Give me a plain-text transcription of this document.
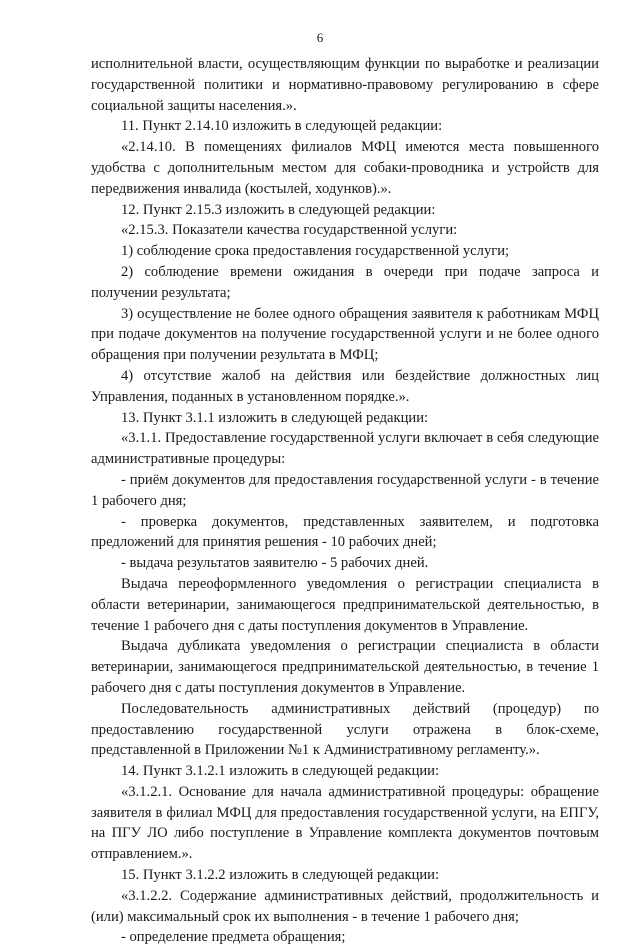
6

исполнительной власти, осуществляющим функции по выработке и реализации государственной политики и нормативно-правовому регулированию в сфере социальной защиты населения.».

11. Пункт 2.14.10 изложить в следующей редакции:

«2.14.10. В помещениях филиалов МФЦ имеются места повышенного удобства с дополнительным местом для собаки-проводника и устройств для передвижения инвалида (костылей, ходунков).».

12. Пункт 2.15.3 изложить в следующей редакции:

«2.15.3. Показатели качества государственной услуги:

1) соблюдение срока предоставления государственной услуги;

2) соблюдение времени ожидания в очереди при подаче запроса и получении результата;

3) осуществление не более одного обращения заявителя к работникам МФЦ при подаче документов на получение государственной услуги и не более одного обращения при получении результата в МФЦ;

4) отсутствие жалоб на действия или бездействие должностных лиц Управления, поданных в установленном порядке.».

13. Пункт 3.1.1 изложить в следующей редакции:

«3.1.1. Предоставление государственной услуги включает в себя следующие административные процедуры:

- приём документов для предоставления государственной услуги - в течение 1 рабочего дня;

- проверка документов, представленных заявителем, и подготовка предложений для принятия решения - 10 рабочих дней;

- выдача результатов заявителю - 5 рабочих дней.

Выдача переоформленного уведомления о регистрации специалиста в области ветеринарии, занимающегося предпринимательской деятельностью, в течение 1 рабочего дня с даты поступления документов в Управление.

Выдача дубликата уведомления о регистрации специалиста в области ветеринарии, занимающегося предпринимательской деятельностью, в течение 1 рабочего дня с даты поступления документов в Управление.

Последовательность административных действий (процедур) по предоставлению государственной услуги отражена в блок-схеме, представленной в Приложении №1 к Административному регламенту.».

14. Пункт 3.1.2.1 изложить в следующей редакции:

«3.1.2.1. Основание для начала административной процедуры: обращение заявителя в филиал МФЦ для предоставления государственной услуги, на ЕПГУ, на ПГУ ЛО либо поступление в Управление комплекта документов почтовым отправлением.».

15. Пункт 3.1.2.2 изложить в следующей редакции:

«3.1.2.2. Содержание административных действий, продолжительность и (или) максимальный срок их выполнения - в течение 1 рабочего дня;

- определение предмета обращения;
